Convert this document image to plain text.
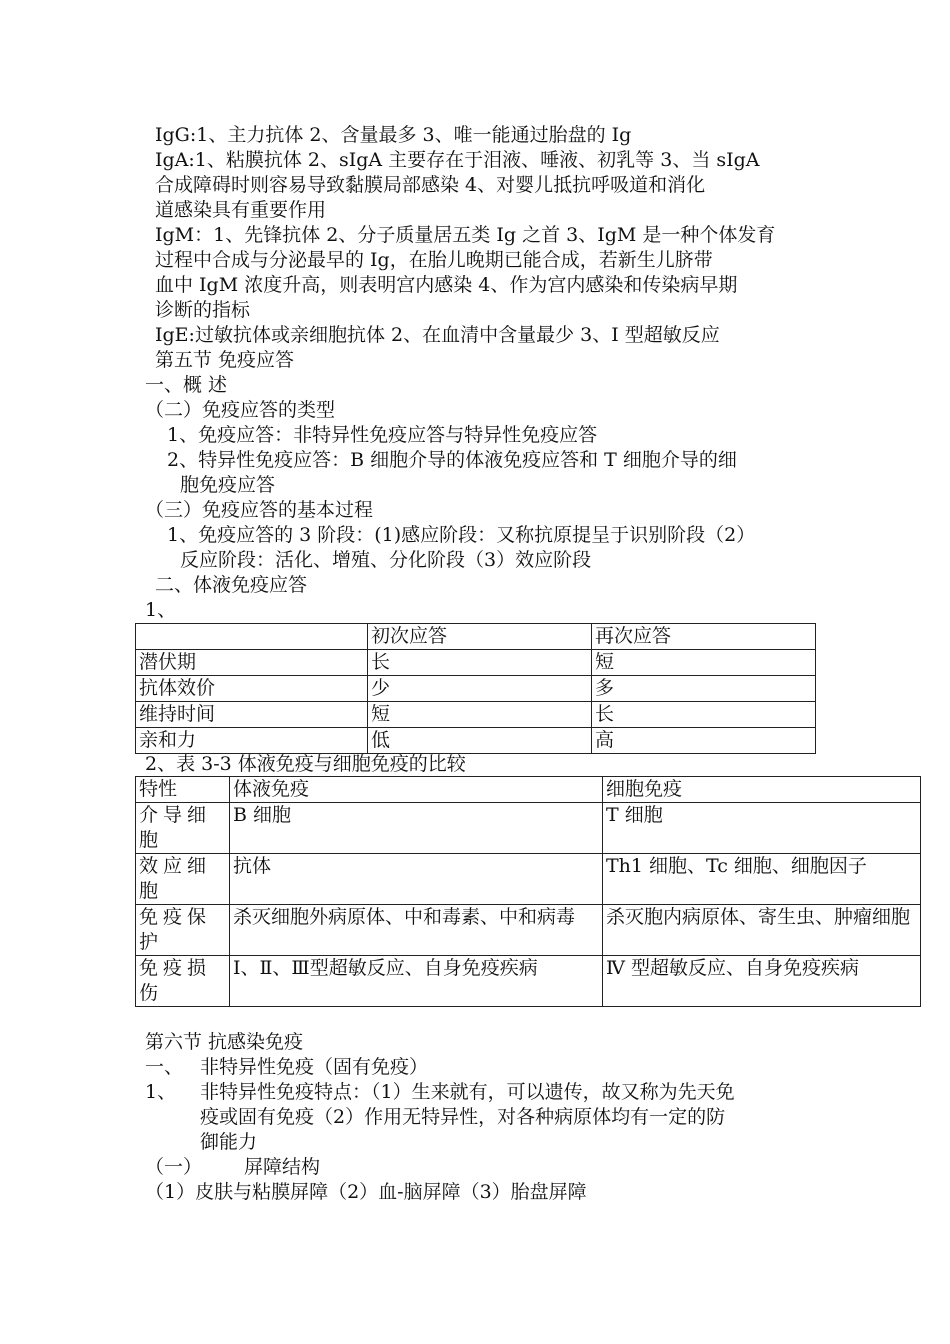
IgG:1、主力抗体 2、含量最多 3、唯一能通过胎盘的 Ig
IgA:1、粘膜抗体 2、sIgA 主要存在于泪液、唾液、初乳等 3、当 sIgA
合成障碍时则容易导致黏膜局部感染 4、对婴儿抵抗呼吸道和消化
道感染具有重要作用
IgM：1、先锋抗体 2、分子质量居五类 Ig 之首 3、IgM 是一种个体发育
过程中合成与分泌最早的 Ig，在胎儿晚期已能合成，若新生儿脐带
血中 IgM 浓度升高，则表明宫内感染 4、作为宫内感染和传染病早期
诊断的指标
IgE:过敏抗体或亲细胞抗体 2、在血清中含量最少 3、I 型超敏反应
第五节 免疫应答
一、概 述
（二）免疫应答的类型
1、免疫应答：非特异性免疫应答与特异性免疫应答
2、特异性免疫应答：B 细胞介导的体液免疫应答和 T 细胞介导的细
胞免疫应答
（三）免疫应答的基本过程
1、免疫应答的 3 阶段：(1)感应阶段：又称抗原提呈于识别阶段（2）
反应阶段：活化、增殖、分化阶段（3）效应阶段
二、体液免疫应答
1、
	初次应答	再次应答
潜伏期	长	短
抗体效价	少	多
维持时间	短	长
亲和力	低	高
2、表 3-3 体液免疫与细胞免疫的比较
特性	体液免疫	细胞免疫

介导细
胞	B 细胞	T 细胞

效应细
胞	抗体	Th1 细胞、Tc 细胞、细胞因子

免疫保
护	杀灭细胞外病原体、中和毒素、中和病毒	杀灭胞内病原体、寄生虫、肿瘤细胞

免疫损
伤	Ⅰ、Ⅱ、Ⅲ型超敏反应、自身免疫疾病	Ⅳ 型超敏反应、自身免疫疾病
第六节 抗感染免疫
一、 非特异性免疫（固有免疫）
1、 非特异性免疫特点：（1）生来就有，可以遗传，故又称为先天免
疫或固有免疫（2）作用无特异性，对各种病原体均有一定的防
御能力
（一） 屏障结构
（1）皮肤与粘膜屏障（2）血-脑屏障（3）胎盘屏障
